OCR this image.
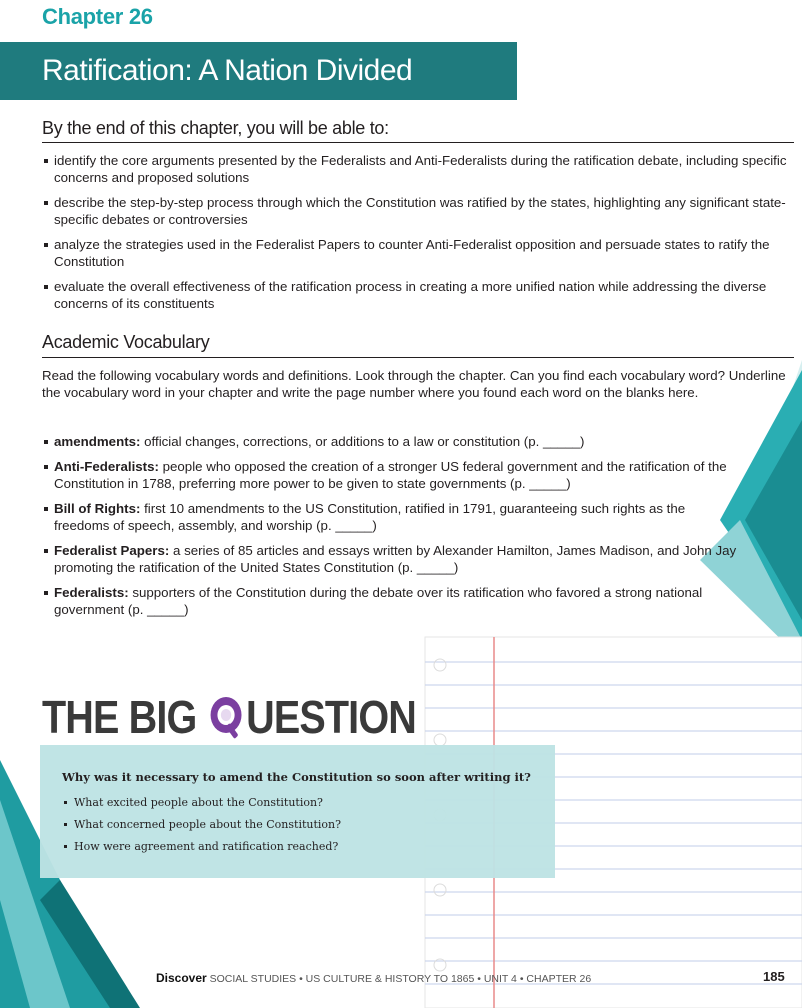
Chapter 26
Ratification: A Nation Divided
By the end of this chapter, you will be able to:
identify the core arguments presented by the Federalists and Anti-Federalists during the ratification debate, including specific concerns and proposed solutions
describe the step-by-step process through which the Constitution was ratified by the states, highlighting any significant state-specific debates or controversies
analyze the strategies used in the Federalist Papers to counter Anti-Federalist opposition and persuade states to ratify the Constitution
evaluate the overall effectiveness of the ratification process in creating a more unified nation while addressing the diverse concerns of its constituents
Academic Vocabulary

Read the following vocabulary words and definitions. Look through the chapter. Can you find each vocabulary word? Underline the vocabulary word in your chapter and write the page number where you found each word on the blanks here.

amendments: official changes, corrections, or additions to a law or constitution (p. _____)
Anti-Federalists: people who opposed the creation of a stronger US federal government and the ratification of the Constitution in 1788, preferring more power to be given to state governments (p. _____)
Bill of Rights: first 10 amendments to the US Constitution, ratified in 1791, guaranteeing such rights as the freedoms of speech, assembly, and worship (p. _____)
Federalist Papers: a series of 85 articles and essays written by Alexander Hamilton, James Madison, and John Jay promoting the ratification of the United States Constitution (p. _____)
Federalists: supporters of the Constitution during the debate over its ratification who favored a strong national government (p. _____)
THE BIG UESTION
Why was it necessary to amend the Constitution so soon after writing it?
What excited people about the Constitution?
What concerned people about the Constitution?
How were agreement and ratification reached?
Discover SOCIAL STUDIES • US CULTURE & HISTORY TO 1865 • UNIT 4 • CHAPTER 26	185
